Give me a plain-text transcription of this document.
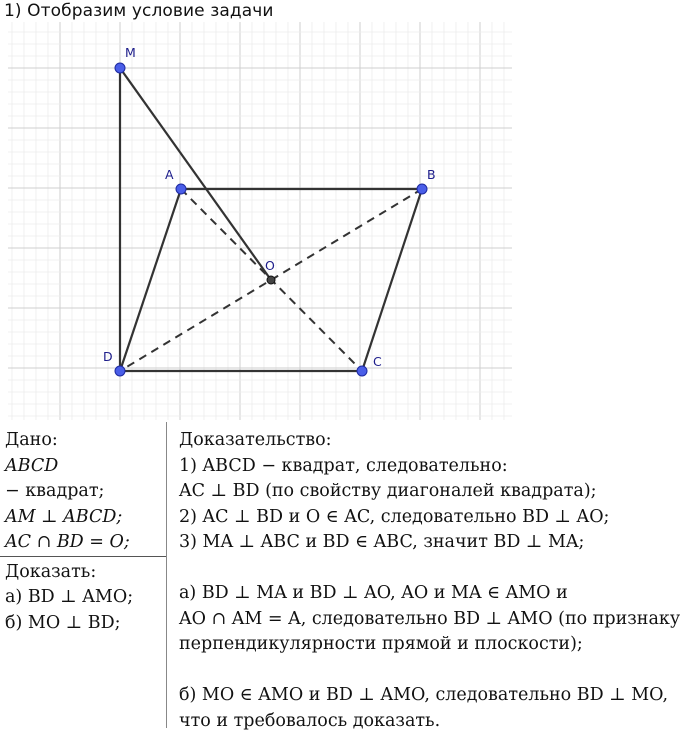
1) Отобразим условие задачи
M
A	B
O
D	C
Дано:
ABCD
− квадрат;
AM ⊥ ABCD;
AC ∩ BD = O;
Доказать:
а) BD ⊥ AMO;
б) MO ⊥ BD;
Доказательство:
1) ABCD − квадрат, следовательно:
AC ⊥ BD (по свойству диагоналей квадрата);
2) AC ⊥ BD и O ∈ AC, следовательно BD ⊥ AO;
3) MA ⊥ ABC и BD ∈ ABC, значит BD ⊥ MA;
а) BD ⊥ MA и BD ⊥ AO, AO и MA ∈ AMO и
AO ∩ AM = A, следовательно BD ⊥ AMO (по признаку
перпендикулярности прямой и плоскости);
б) MO ∈ AMO и BD ⊥ AMO, следовательно BD ⊥ MO,
что и требовалось доказать.
